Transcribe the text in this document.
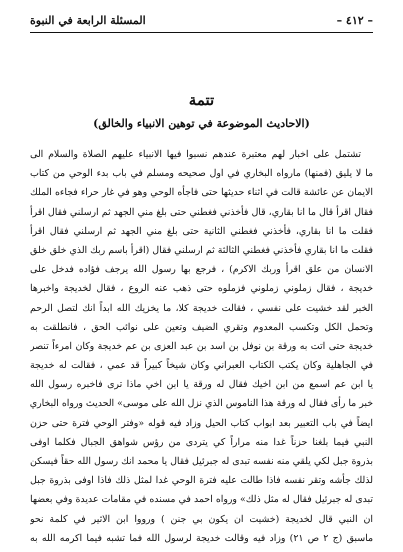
– ٤١٢ –
المسئلة الرابعة في النبوة
تتمة
(الاحاديث الموضوعة في توهين الانبياء والخالق)
تشتمل على اخبار لهم معتبرة عندهم نسبوا فيها الانبياء عليهم الصلاة والسلام الى
ما لا يليق (فمنها) مارواه البخاري في اول صحيحه ومسلم في باب بدء الوحي من كتاب
الايمان عن عائشة قالت في اثناء حديثها حتى فاجأه الوحي وهو في غار حراء فجاءه الملك
فقال اقرأ قال ما انا بقاري، قال فأخذني فغطني حتى بلغ مني الجهد ثم ارسلني فقال اقرأ
فقلت ما انا بقاري، فأخذني فغطني الثانية حتى بلغ مني الجهد ثم ارسلني فقال اقرأ
فقلت ما انا بقاري فأخذني فغطني الثالثة ثم ارسلني فقال (اقرأ باسم ربك الذي خلق خلق
الانسان من علق اقرأ وربك الاكرم) ، فرجع بها رسول الله يرجف فؤاده فدخل على
خديجة ، فقال زملوني زملوني فزملوه حتى ذهب عنه الروع ، فقال لخديجة واخبرها
الخبر لقد خشيت على نفسي ، فقالت خديجة كلا، ما يخزيك الله ابداً انك لتصل الرحم
وتحمل الكل وتكسب المعدوم وتقري الضيف وتعين على نوائب الحق ، فانطلقت به
خديجة حتى اتت به ورقة بن نوفل بن اسد بن عبد العزى بن عم خديجة وكان امرءاً تنصر
في الجاهلية وكان يكتب الكتاب العبراني وكان شيخاً كبيراً قد عمي ، فقالت له خديجة
يا ابن عم اسمع من ابن اخيك فقال له ورقة يا ابن اخي ماذا ترى فاخبره رسول الله
خبر ما رأى فقال له ورقة هذا الناموس الذي نزل الله على موسى» الحديث ورواه البخاري
ايضاً في باب التعبير بعد ابواب كتاب الحيل وزاد فيه قوله «وفتر الوحي فترة حتى حزن
النبي فيما بلغنا حزناً غدا منه مراراً كي يتردى من رؤس شواهق الجبال فكلما اوفى
بذروة جبل لكي يلقي منه نفسه تبدى له جبرئيل فقال يا محمد انك رسول الله حقاً فيسكن
لذلك جأشه وتقر نفسه فاذا طالت عليه فترة الوحي غدا لمثل ذلك فاذا اوفى بذروة جبل
تبدى له جبرئيل فقال له مثل ذلك» ورواه احمد في مسنده في مقامات عديدة وفي بعضها
ان النبي قال لخديجة (خشيت ان يكون بي جنن ) ورووا ابن الاثير في كلمة نحو
ماسبق (ج ٢ ص ٢١) وزاد فيه وقالت خديجة لرسول الله فما تشبه فيما اكرمه الله به
